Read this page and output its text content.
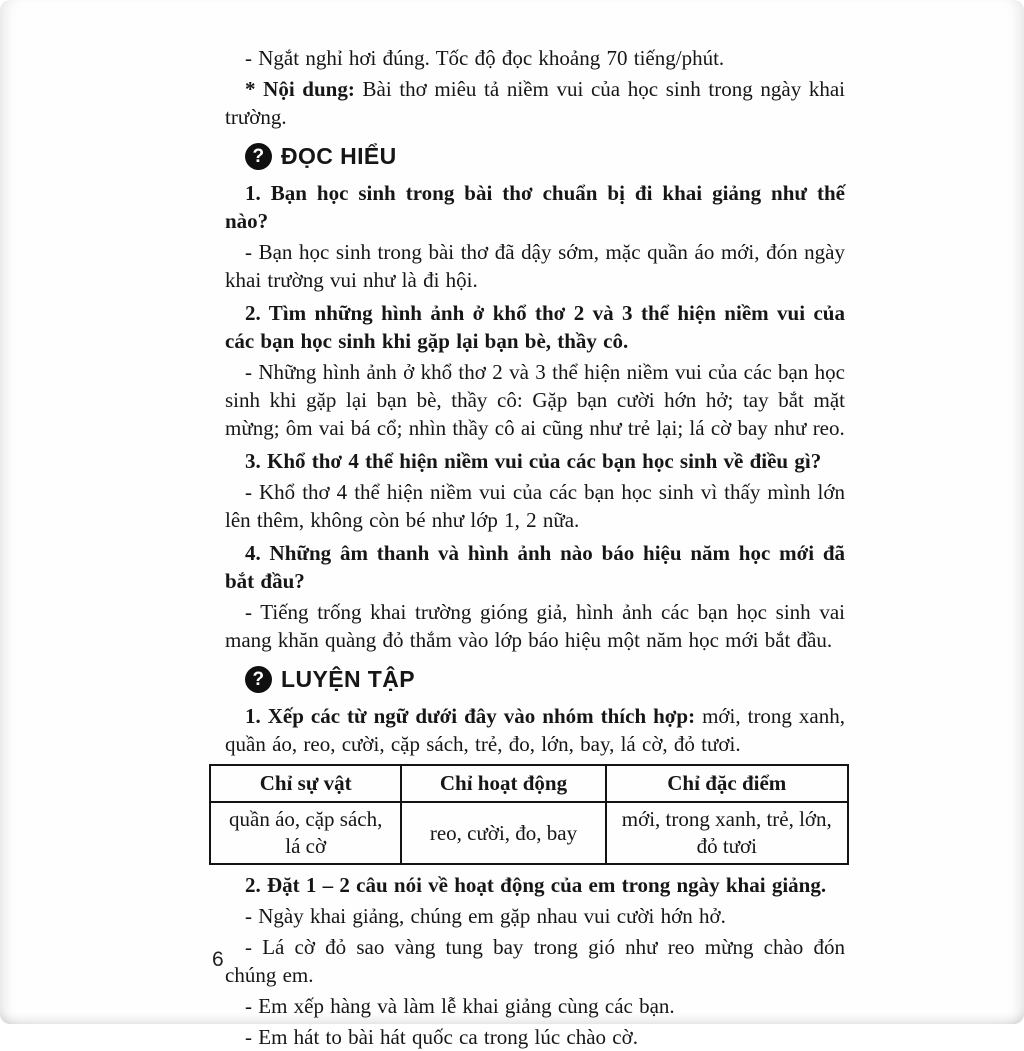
- Ngắt nghỉ hơi đúng. Tốc độ đọc khoảng 70 tiếng/phút.

* Nội dung: Bài thơ miêu tả niềm vui của học sinh trong ngày khai trường.

? ĐỌC HIỂU

1. Bạn học sinh trong bài thơ chuẩn bị đi khai giảng như thế nào?

- Bạn học sinh trong bài thơ đã dậy sớm, mặc quần áo mới, đón ngày khai trường vui như là đi hội.

2. Tìm những hình ảnh ở khổ thơ 2 và 3 thể hiện niềm vui của các bạn học sinh khi gặp lại bạn bè, thầy cô.

- Những hình ảnh ở khổ thơ 2 và 3 thể hiện niềm vui của các bạn học sinh khi gặp lại bạn bè, thầy cô: Gặp bạn cười hớn hở; tay bắt mặt mừng; ôm vai bá cổ; nhìn thầy cô ai cũng như trẻ lại; lá cờ bay như reo.

3. Khổ thơ 4 thể hiện niềm vui của các bạn học sinh về điều gì?

- Khổ thơ 4 thể hiện niềm vui của các bạn học sinh vì thấy mình lớn lên thêm, không còn bé như lớp 1, 2 nữa.

4. Những âm thanh và hình ảnh nào báo hiệu năm học mới đã bắt đầu?

- Tiếng trống khai trường gióng giả, hình ảnh các bạn học sinh vai mang khăn quàng đỏ thắm vào lớp báo hiệu một năm học mới bắt đầu.

? LUYỆN TẬP

1. Xếp các từ ngữ dưới đây vào nhóm thích hợp: mới, trong xanh, quần áo, reo, cười, cặp sách, trẻ, đo, lớn, bay, lá cờ, đỏ tươi.

Chỉ sự vật	Chỉ hoạt động	Chỉ đặc điểm
quần áo, cặp sách, lá cờ	reo, cười, đo, bay	mới, trong xanh, trẻ, lớn, đỏ tươi

2. Đặt 1 – 2 câu nói về hoạt động của em trong ngày khai giảng.

- Ngày khai giảng, chúng em gặp nhau vui cười hớn hở.

- Lá cờ đỏ sao vàng tung bay trong gió như reo mừng chào đón chúng em.

- Em xếp hàng và làm lễ khai giảng cùng các bạn.

- Em hát to bài hát quốc ca trong lúc chào cờ.

6
